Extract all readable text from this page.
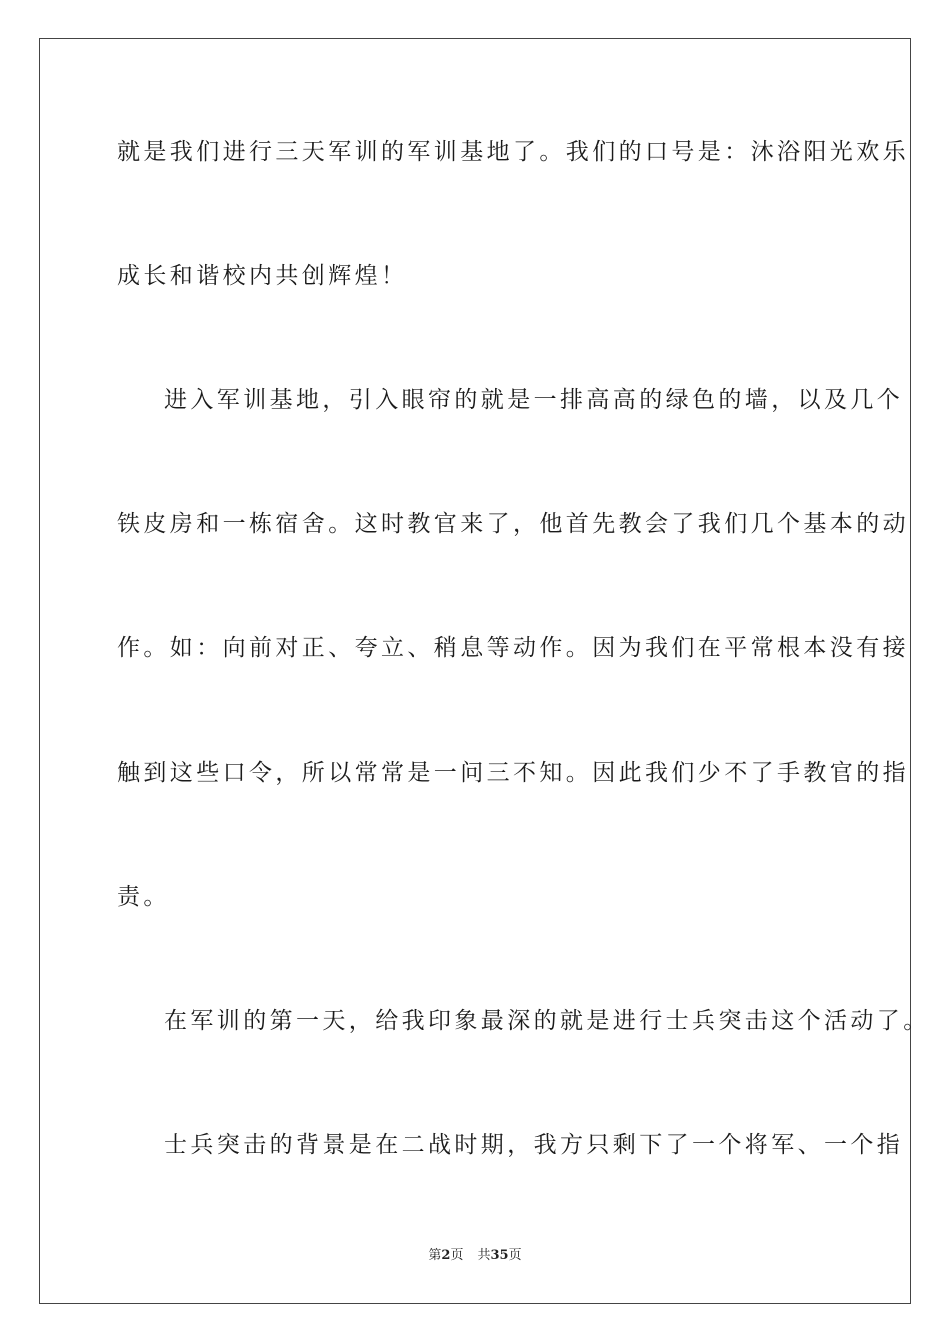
就是我们进行三天军训的军训基地了。我们的口号是：沐浴阳光欢乐
成长和谐校内共创辉煌！
进入军训基地，引入眼帘的就是一排高高的绿色的墙，以及几个
铁皮房和一栋宿舍。这时教官来了，他首先教会了我们几个基本的动
作。如：向前对正、夸立、稍息等动作。因为我们在平常根本没有接
触到这些口令，所以常常是一问三不知。因此我们少不了手教官的指
责。
在军训的第一天，给我印象最深的就是进行士兵突击这个活动了。
士兵突击的背景是在二战时期，我方只剩下了一个将军、一个指
第2页 共35页
